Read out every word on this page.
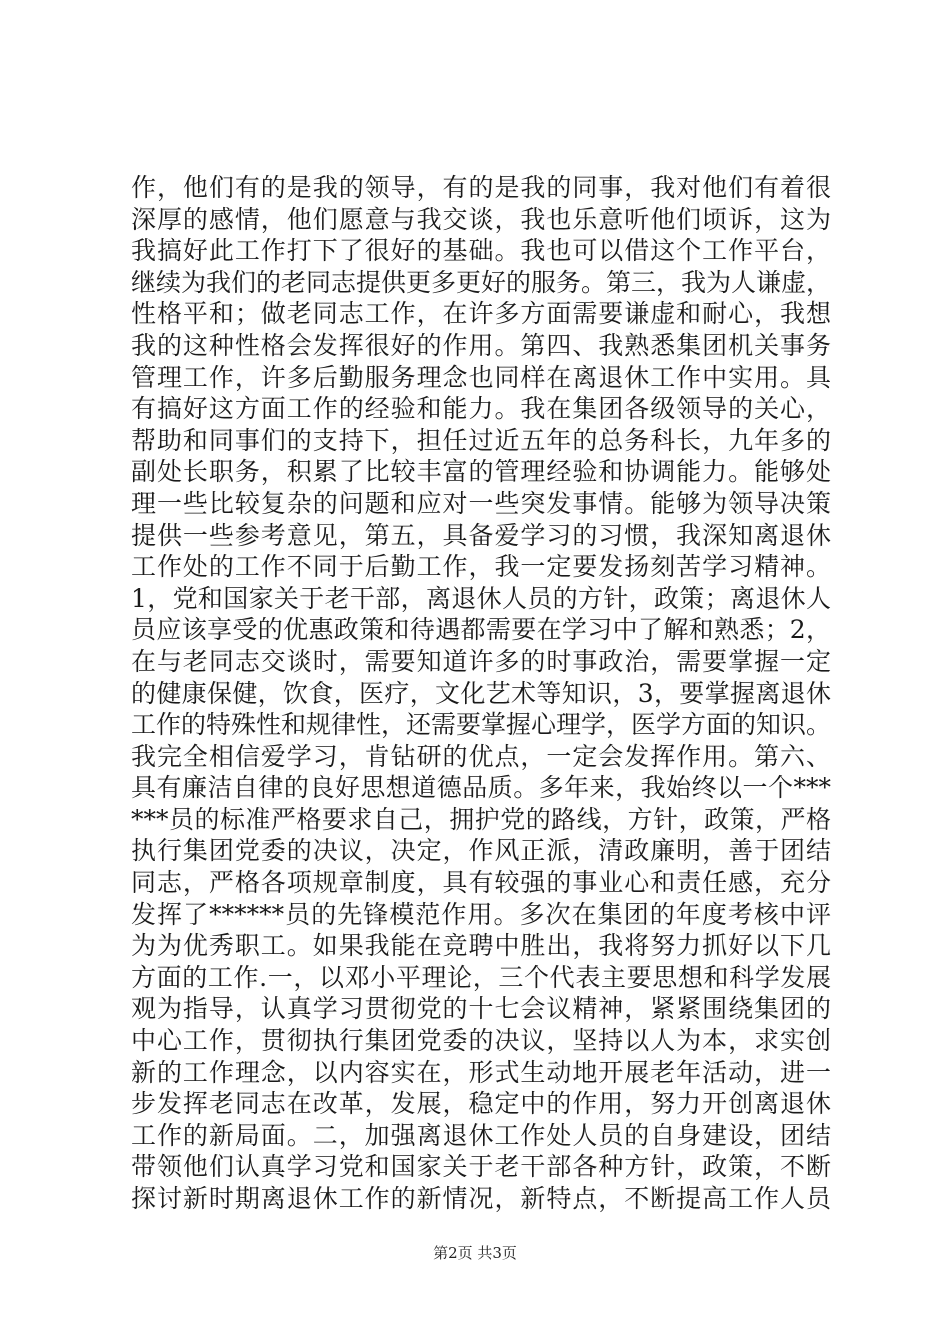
作，他们有的是我的领导，有的是我的同事，我对他们有着很
深厚的感情，他们愿意与我交谈，我也乐意听他们顷诉，这为
我搞好此工作打下了很好的基础。我也可以借这个工作平台，
继续为我们的老同志提供更多更好的服务。第三，我为人谦虚，
性格平和；做老同志工作，在许多方面需要谦虚和耐心，我想
我的这种性格会发挥很好的作用。第四、我熟悉集团机关事务
管理工作，许多后勤服务理念也同样在离退休工作中实用。具
有搞好这方面工作的经验和能力。我在集团各级领导的关心，
帮助和同事们的支持下，担任过近五年的总务科长，九年多的
副处长职务，积累了比较丰富的管理经验和协调能力。能够处
理一些比较复杂的问题和应对一些突发事情。能够为领导决策
提供一些参考意见，第五，具备爱学习的习惯，我深知离退休
工作处的工作不同于后勤工作，我一定要发扬刻苦学习精神。
1，党和国家关于老干部，离退休人员的方针，政策；离退休人
员应该享受的优惠政策和待遇都需要在学习中了解和熟悉；2，
在与老同志交谈时，需要知道许多的时事政治，需要掌握一定
的健康保健，饮食，医疗，文化艺术等知识，3，要掌握离退休
工作的特殊性和规律性，还需要掌握心理学，医学方面的知识。
我完全相信爱学习，肯钻研的优点，一定会发挥作用。第六、
具有廉洁自律的良好思想道德品质。多年来，我始终以一个***
***员的标准严格要求自己，拥护党的路线，方针，政策，严格
执行集团党委的决议，决定，作风正派，清政廉明，善于团结
同志，严格各项规章制度，具有较强的事业心和责任感，充分
发挥了******员的先锋模范作用。多次在集团的年度考核中评
为为优秀职工。如果我能在竞聘中胜出，我将努力抓好以下几
方面的工作.一，以邓小平理论，三个代表主要思想和科学发展
观为指导，认真学习贯彻党的十七会议精神，紧紧围绕集团的
中心工作，贯彻执行集团党委的决议，坚持以人为本，求实创
新的工作理念，以内容实在，形式生动地开展老年活动，进一
步发挥老同志在改革，发展，稳定中的作用，努力开创离退休
工作的新局面。二，加强离退休工作处人员的自身建设，团结
带领他们认真学习党和国家关于老干部各种方针，政策，不断
探讨新时期离退休工作的新情况，新特点，不断提高工作人员
第2页 共3页
